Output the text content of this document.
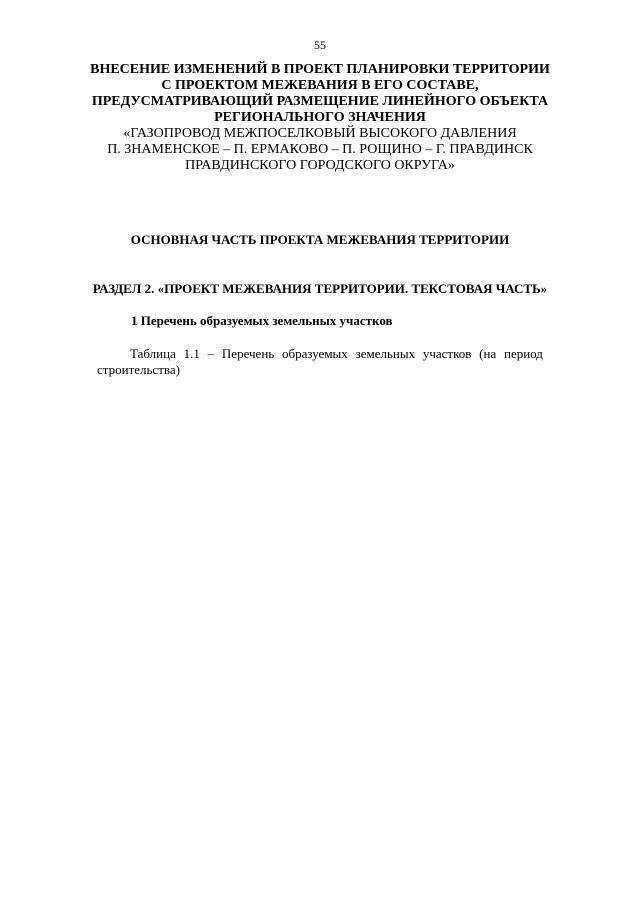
55
ВНЕСЕНИЕ ИЗМЕНЕНИЙ В ПРОЕКТ ПЛАНИРОВКИ ТЕРРИТОРИИ
С ПРОЕКТОМ МЕЖЕВАНИЯ В ЕГО СОСТАВЕ,
ПРЕДУСМАТРИВАЮЩИЙ РАЗМЕЩЕНИЕ ЛИНЕЙНОГО ОБЪЕКТА
РЕГИОНАЛЬНОГО ЗНАЧЕНИЯ
«ГАЗОПРОВОД МЕЖПОСЕЛКОВЫЙ ВЫСОКОГО ДАВЛЕНИЯ
П. ЗНАМЕНСКОЕ – П. ЕРМАКОВО – П. РОЩИНО – Г. ПРАВДИНСК
ПРАВДИНСКОГО ГОРОДСКОГО ОКРУГА»
ОСНОВНАЯ ЧАСТЬ ПРОЕКТА МЕЖЕВАНИЯ ТЕРРИТОРИИ
РАЗДЕЛ 2. «ПРОЕКТ МЕЖЕВАНИЯ ТЕРРИТОРИИ. ТЕКСТОВАЯ ЧАСТЬ»
1 Перечень образуемых земельных участков
Таблица 1.1 – Перечень образуемых земельных участков (на период
строительства)
